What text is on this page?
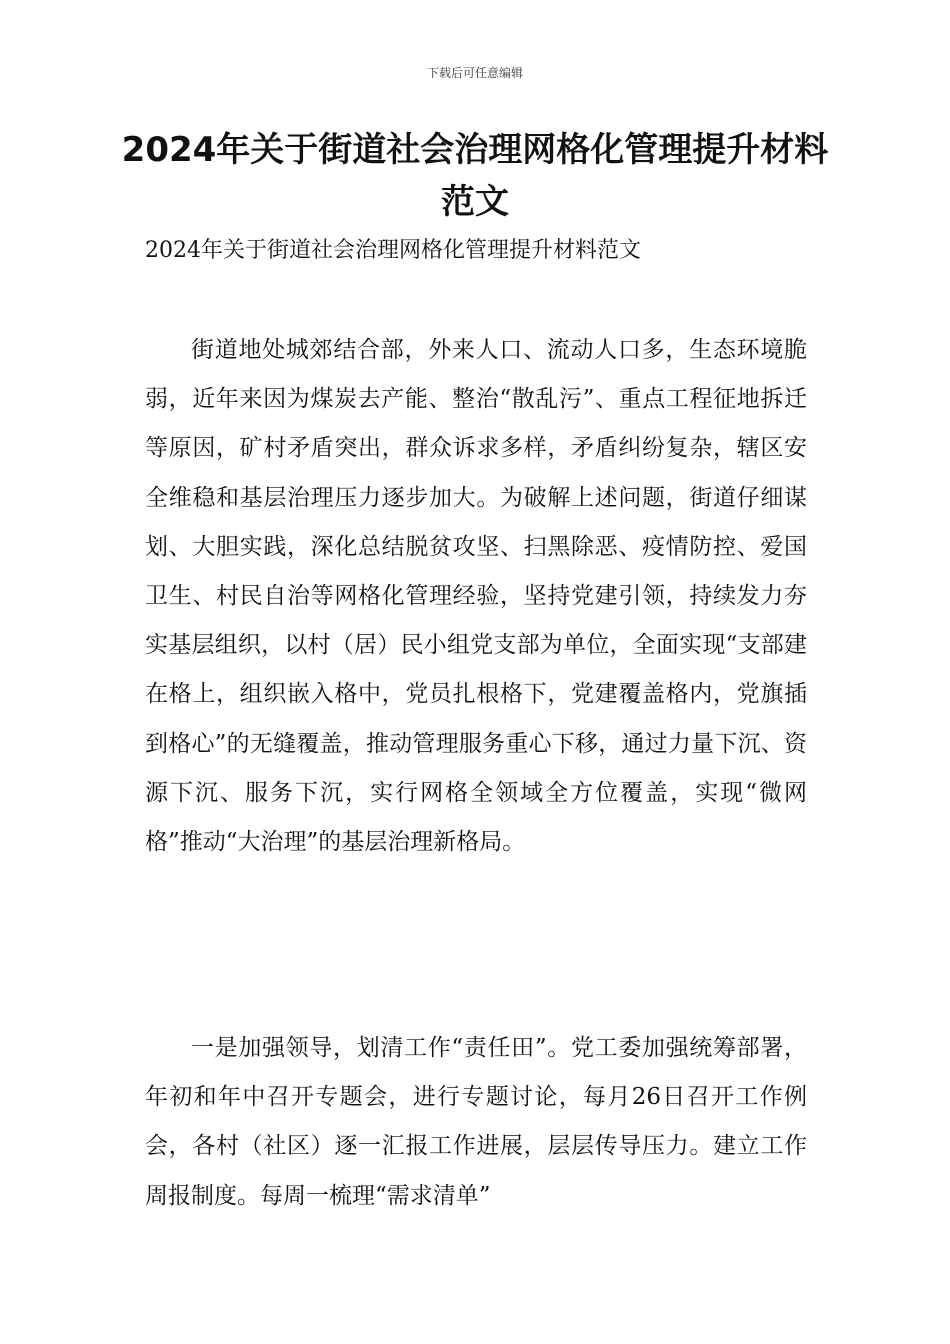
下载后可任意编辑
2024年关于街道社会治理网格化管理提升材料范文
2024年关于街道社会治理网格化管理提升材料范文

街道地处城郊结合部，外来人口、流动人口多，生态环境脆弱，近年来因为煤炭去产能、整治“散乱污”、重点工程征地拆迁等原因，矿村矛盾突出，群众诉求多样，矛盾纠纷复杂，辖区安全维稳和基层治理压力逐步加大。为破解上述问题，街道仔细谋划、大胆实践，深化总结脱贫攻坚、扫黑除恶、疫情防控、爱国卫生、村民自治等网格化管理经验，坚持党建引领，持续发力夯实基层组织，以村（居）民小组党支部为单位，全面实现“支部建在格上，组织嵌入格中，党员扎根格下，党建覆盖格内，党旗插到格心”的无缝覆盖，推动管理服务重心下移，通过力量下沉、资源下沉、服务下沉，实行网格全领域全方位覆盖，实现“微网格”推动“大治理”的基层治理新格局。

一是加强领导，划清工作“责任田”。党工委加强统筹部署，年初和年中召开专题会，进行专题讨论，每月26日召开工作例会，各村（社区）逐一汇报工作进展，层层传导压力。建立工作周报制度。每周一梳理“需求清单”
